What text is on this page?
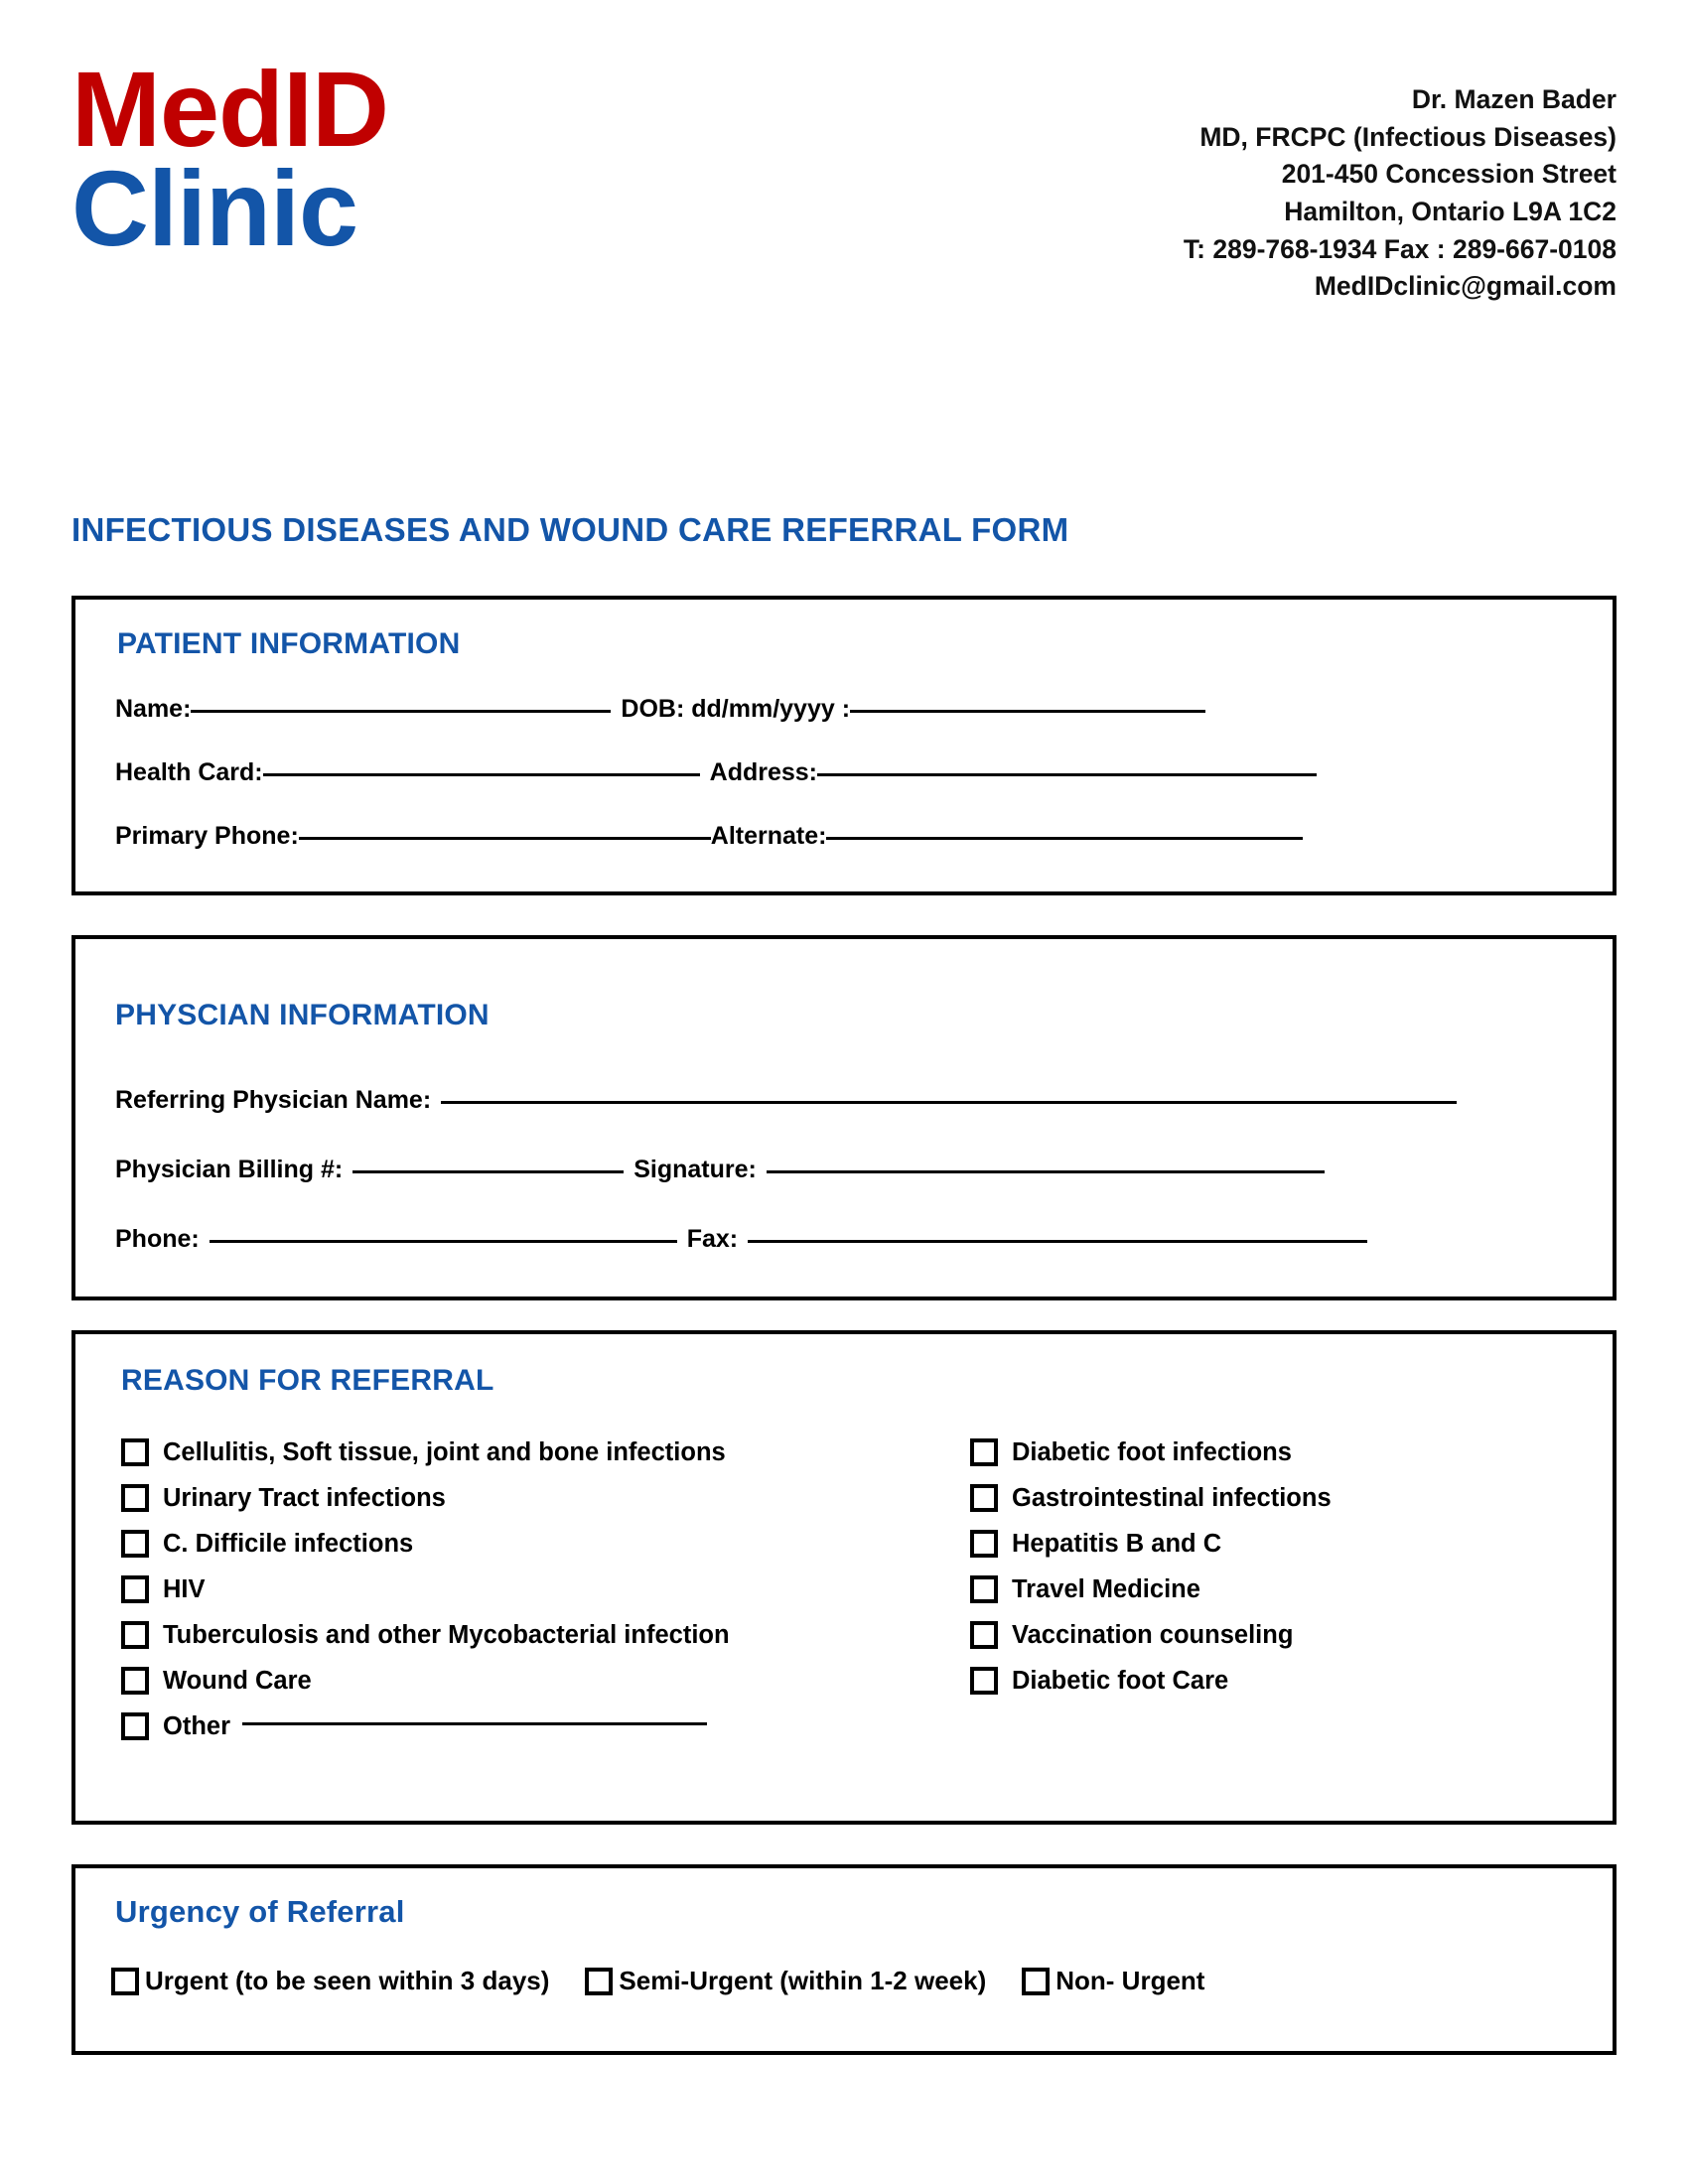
MedID
Clinic
Dr. Mazen Bader
MD, FRCPC (Infectious Diseases)
201-450 Concession Street
Hamilton, Ontario L9A 1C2
T: 289-768-1934 Fax : 289-667-0108
MedIDclinic@gmail.com
INFECTIOUS DISEASES AND WOUND CARE REFERRAL FORM
PATIENT INFORMATION
Name:	DOB: dd/mm/yyyy :
Health Card:	Address:
Primary Phone:	Alternate:
PHYSCIAN INFORMATION
Referring Physician Name:
Physician Billing #:	Signature:
Phone:	Fax:
REASON FOR REFERRAL
Cellulitis, Soft tissue, joint and bone infections
Urinary Tract infections
C. Difficile infections
HIV
Tuberculosis and other Mycobacterial infection
Wound Care
Other
Diabetic foot infections
Gastrointestinal infections
Hepatitis B and C
Travel Medicine
Vaccination counseling
Diabetic foot Care
Urgency of Referral
Urgent (to be seen within 3 days)	Semi-Urgent (within 1-2 week)	Non- Urgent
